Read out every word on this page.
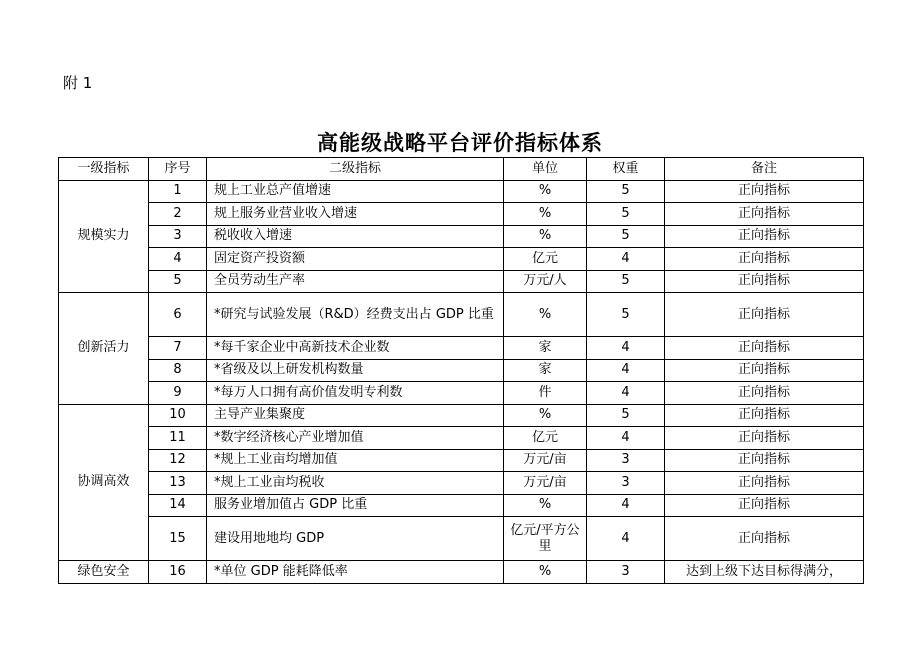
附 1
高能级战略平台评价指标体系
一级指标	序号	二级指标	单位	权重	备注
规模实力	1	规上工业总产值增速	%	5	正向指标
	2	规上服务业营业收入增速	%	5	正向指标
	3	税收收入增速	%	5	正向指标
	4	固定资产投资额	亿元	4	正向指标
	5	全员劳动生产率	万元/人	5	正向指标
创新活力	6	*研究与试验发展（R&D）经费支出占 GDP 比重	%	5	正向指标
	7	*每千家企业中高新技术企业数	家	4	正向指标
	8	*省级及以上研发机构数量	家	4	正向指标
	9	*每万人口拥有高价值发明专利数	件	4	正向指标
协调高效	10	主导产业集聚度	%	5	正向指标
	11	*数字经济核心产业增加值	亿元	4	正向指标
	12	*规上工业亩均增加值	万元/亩	3	正向指标
	13	*规上工业亩均税收	万元/亩	3	正向指标
	14	服务业增加值占 GDP 比重	%	4	正向指标
	15	建设用地地均 GDP	亿元/平方公里	4	正向指标
绿色安全	16	*单位 GDP 能耗降低率	%	3	达到上级下达目标得满分，
